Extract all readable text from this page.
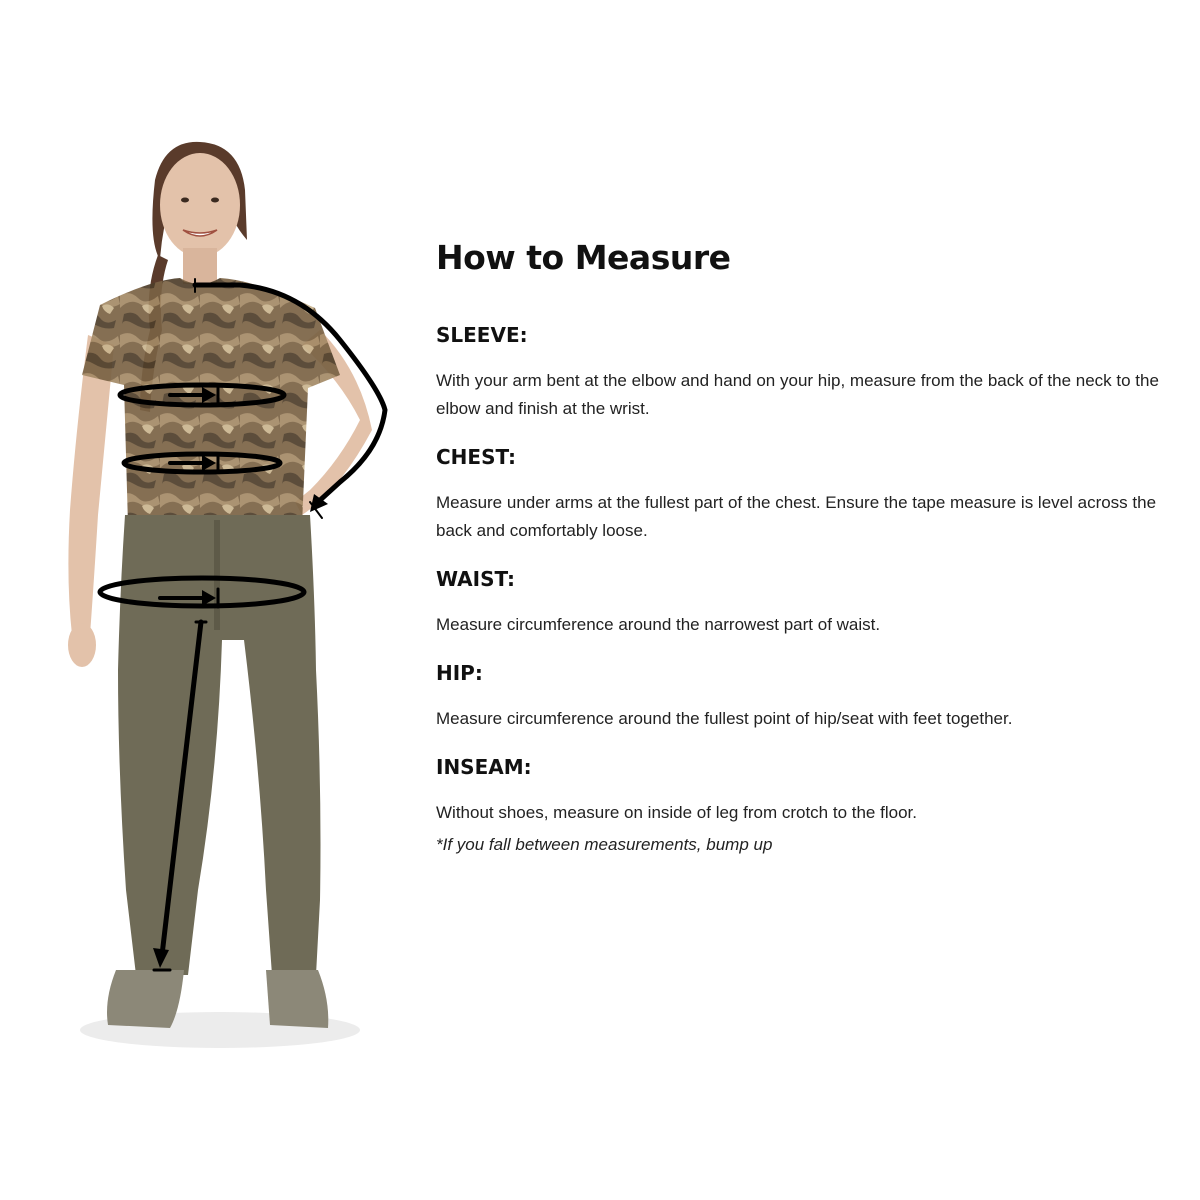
How to Measure
SLEEVE:

With your arm bent at the elbow and hand on your hip, measure from the back of the neck to the elbow and finish at the wrist.

CHEST:

Measure under arms at the fullest part of the chest. Ensure the tape measure is level across the back and comfortably loose.

WAIST:

Measure circumference around the narrowest part of waist.

HIP:

Measure circumference around the fullest point of hip/seat with feet together.

INSEAM:

Without shoes, measure on inside of leg from crotch to the floor.

*If you fall between measurements, bump up
